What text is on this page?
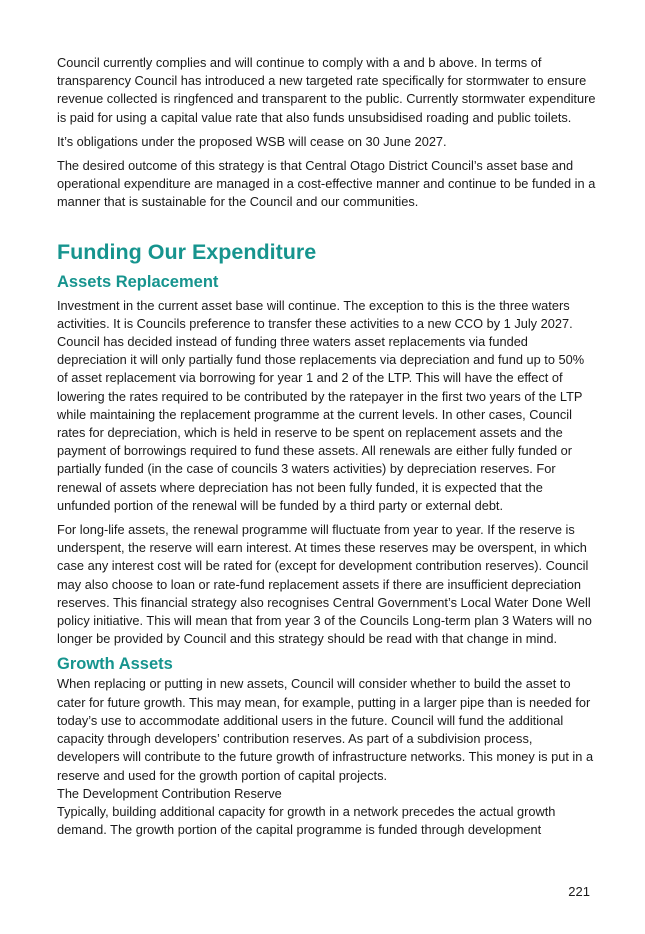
Council currently complies and will continue to comply with a and b above. In terms of transparency Council has introduced a new targeted rate specifically for stormwater to ensure revenue collected is ringfenced and transparent to the public. Currently stormwater expenditure is paid for using a capital value rate that also funds unsubsidised roading and public toilets.

It’s obligations under the proposed WSB will cease on 30 June 2027.

The desired outcome of this strategy is that Central Otago District Council’s asset base and operational expenditure are managed in a cost-effective manner and continue to be funded in a manner that is sustainable for the Council and our communities.

Funding Our Expenditure
Assets Replacement

Investment in the current asset base will continue. The exception to this is the three waters activities. It is Councils preference to transfer these activities to a new CCO by 1 July 2027. Council has decided instead of funding three waters asset replacements via funded depreciation it will only partially fund those replacements via depreciation and fund up to 50% of asset replacement via borrowing for year 1 and 2 of the LTP. This will have the effect of lowering the rates required to be contributed by the ratepayer in the first two years of the LTP while maintaining the replacement programme at the current levels. In other cases, Council rates for depreciation, which is held in reserve to be spent on replacement assets and the payment of borrowings required to fund these assets. All renewals are either fully funded or partially funded (in the case of councils 3 waters activities) by depreciation reserves. For renewal of assets where depreciation has not been fully funded, it is expected that the unfunded portion of the renewal will be funded by a third party or external debt.

For long-life assets, the renewal programme will fluctuate from year to year. If the reserve is underspent, the reserve will earn interest. At times these reserves may be overspent, in which case any interest cost will be rated for (except for development contribution reserves). Council may also choose to loan or rate-fund replacement assets if there are insufficient depreciation reserves. This financial strategy also recognises Central Government’s Local Water Done Well policy initiative. This will mean that from year 3 of the Councils Long-term plan 3 Waters will no longer be provided by Council and this strategy should be read with that change in mind.

Growth Assets

When replacing or putting in new assets, Council will consider whether to build the asset to cater for future growth. This may mean, for example, putting in a larger pipe than is needed for today’s use to accommodate additional users in the future. Council will fund the additional capacity through developers’ contribution reserves. As part of a subdivision process, developers will contribute to the future growth of infrastructure networks. This money is put in a reserve and used for the growth portion of capital projects.

The Development Contribution Reserve

Typically, building additional capacity for growth in a network precedes the actual growth demand. The growth portion of the capital programme is funded through development

221
